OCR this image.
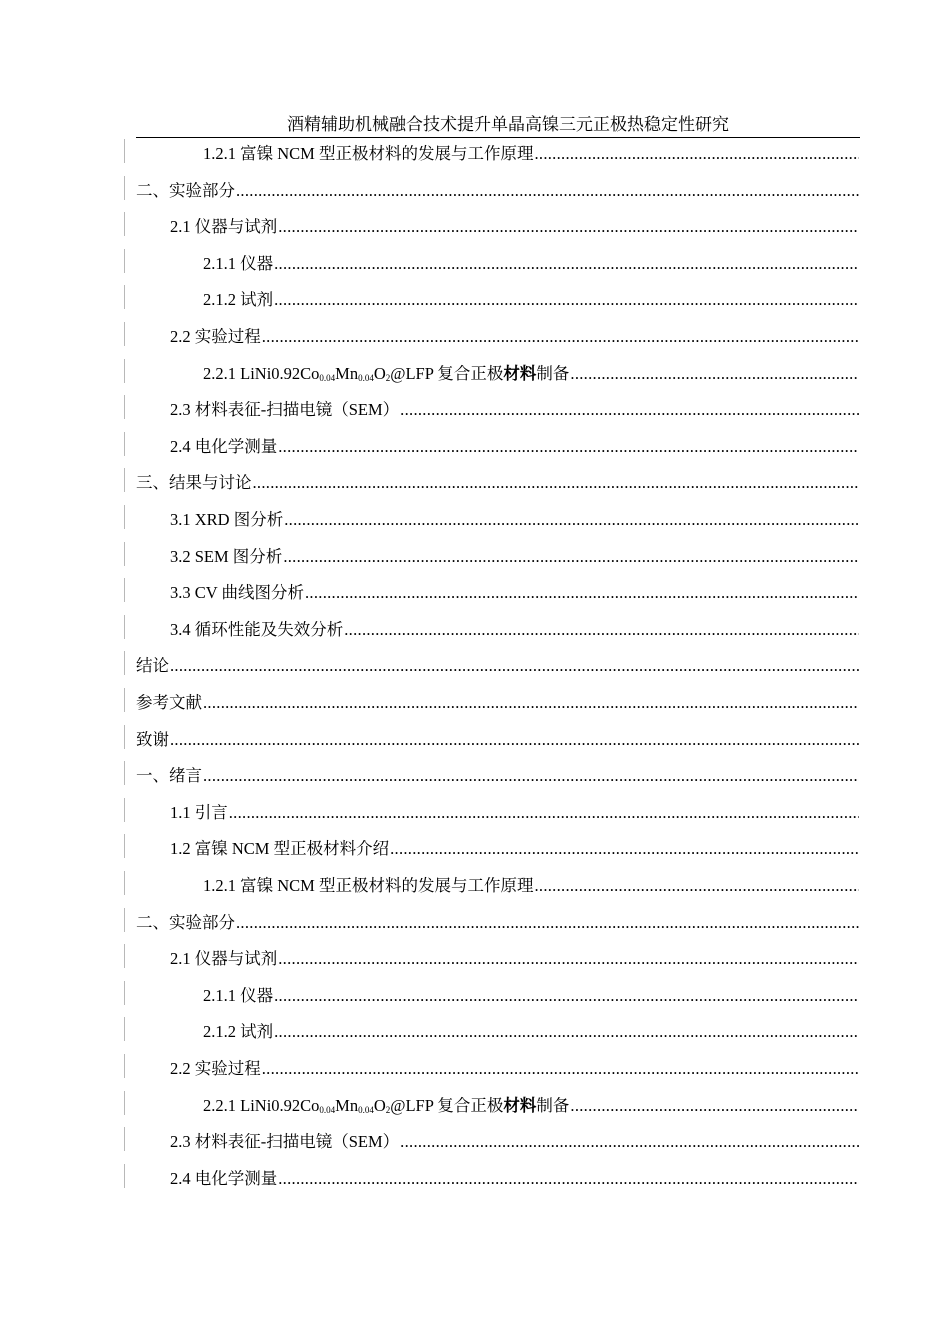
酒精辅助机械融合技术提升单晶高镍三元正极热稳定性研究
1.2.1 富镍 NCM 型正极材料的发展与工作原理
.....
二、实验部分
.....
2.1 仪器与试剂
.....
2.1.1 仪器
.....
2.1.2 试剂
.....
2.2 实验过程
.....
2.2.1 $LiNi0.92Co_{0.04}Mn_{0.04}O_2@LFP$ 复合正极材料制备
.....
2.3 材料表征-扫描电镜（SEM）
.....
2.4 电化学测量
.....
三、结果与讨论
.....
3.1 XRD 图分析
.....
3.2 SEM 图分析
.....
3.3 CV 曲线图分析
.....
3.4 循环性能及失效分析
.....
结论
.....
参考文献
.....
致谢
.....
一、绪言
.....
1.1 引言
.....
1.2 富镍 NCM 型正极材料介绍
.....
1.2.1 富镍 NCM 型正极材料的发展与工作原理
.....
二、实验部分
.....
2.1 仪器与试剂
.....
2.1.1 仪器
.....
2.1.2 试剂
.....
2.2 实验过程
.....
2.2.1 $LiNi0.92Co_{0.04}Mn_{0.04}O_2@LFP$ 复合正极材料制备
.....
2.3 材料表征-扫描电镜（SEM）
.....
2.4 电化学测量
.....
